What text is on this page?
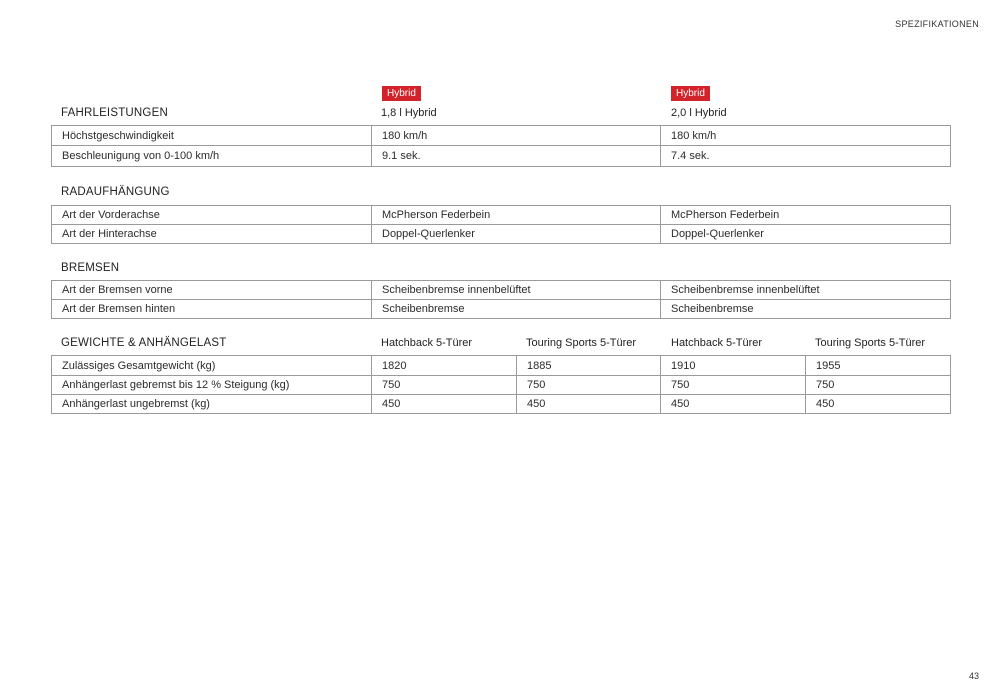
SPEZIFIKATIONEN
Hybrid	Hybrid
FAHRLEISTUNGEN	1,8 l Hybrid	2,0 l Hybrid
Höchstgeschwindigkeit	180 km/h	180 km/h
Beschleunigung von 0-100 km/h	9.1 sek.	7.4 sek.
RADAUFHÄNGUNG
Art der Vorderachse	McPherson Federbein	McPherson Federbein
Art der Hinterachse	Doppel-Querlenker	Doppel-Querlenker
BREMSEN
Art der Bremsen vorne	Scheibenbremse innenbelüftet	Scheibenbremse innenbelüftet
Art der Bremsen hinten	Scheibenbremse	Scheibenbremse
GEWICHTE & ANHÄNGELAST	Hatchback 5-Türer	Touring Sports 5-Türer	Hatchback 5-Türer	Touring Sports 5-Türer
Zulässiges Gesamtgewicht (kg)	1820	1885	1910	1955
Anhängerlast gebremst bis 12 % Steigung (kg)	750	750	750	750
Anhängerlast ungebremst (kg)	450	450	450	450
43
